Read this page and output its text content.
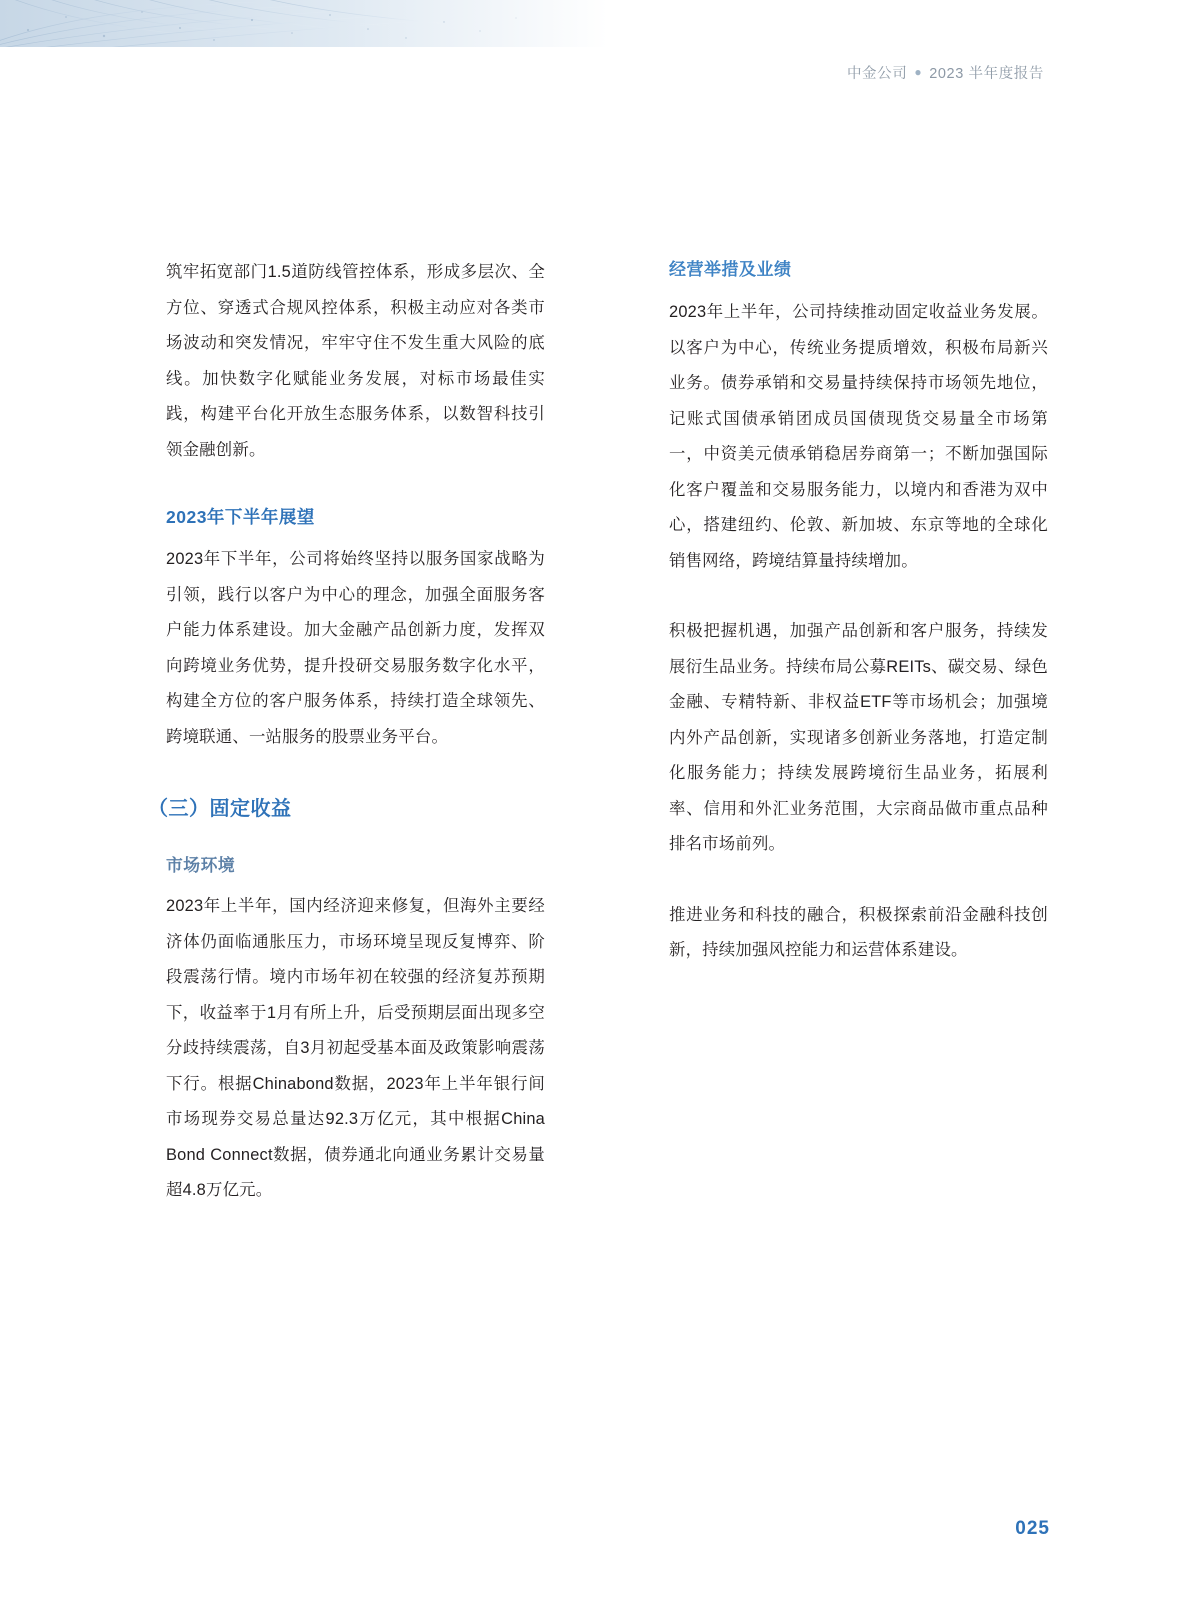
中金公司 ● 2023 半年度报告

筑牢拓宽部门1.5道防线管控体系，形成多层次、全方位、穿透式合规风控体系，积极主动应对各类市场波动和突发情况，牢牢守住不发生重大风险的底线。加快数字化赋能业务发展，对标市场最佳实践，构建平台化开放生态服务体系，以数智科技引领金融创新。

2023年下半年展望

2023年下半年，公司将始终坚持以服务国家战略为引领，践行以客户为中心的理念，加强全面服务客户能力体系建设。加大金融产品创新力度，发挥双向跨境业务优势，提升投研交易服务数字化水平，构建全方位的客户服务体系，持续打造全球领先、跨境联通、一站服务的股票业务平台。

（三）固定收益
市场环境

2023年上半年，国内经济迎来修复，但海外主要经济体仍面临通胀压力，市场环境呈现反复博弈、阶段震荡行情。境内市场年初在较强的经济复苏预期下，收益率于1月有所上升，后受预期层面出现多空分歧持续震荡，自3月初起受基本面及政策影响震荡下行。根据Chinabond数据，2023年上半年银行间市场现券交易总量达92.3万亿元，其中根据China Bond Connect数据，债券通北向通业务累计交易量超4.8万亿元。

经营举措及业绩

2023年上半年，公司持续推动固定收益业务发展。以客户为中心，传统业务提质增效，积极布局新兴业务。债券承销和交易量持续保持市场领先地位，记账式国债承销团成员国债现货交易量全市场第一，中资美元债承销稳居券商第一；不断加强国际化客户覆盖和交易服务能力，以境内和香港为双中心，搭建纽约、伦敦、新加坡、东京等地的全球化销售网络，跨境结算量持续增加。

积极把握机遇，加强产品创新和客户服务，持续发展衍生品业务。持续布局公募REITs、碳交易、绿色金融、专精特新、非权益ETF等市场机会；加强境内外产品创新，实现诸多创新业务落地，打造定制化服务能力；持续发展跨境衍生品业务，拓展利率、信用和外汇业务范围，大宗商品做市重点品种排名市场前列。

推进业务和科技的融合，积极探索前沿金融科技创新，持续加强风控能力和运营体系建设。

025
